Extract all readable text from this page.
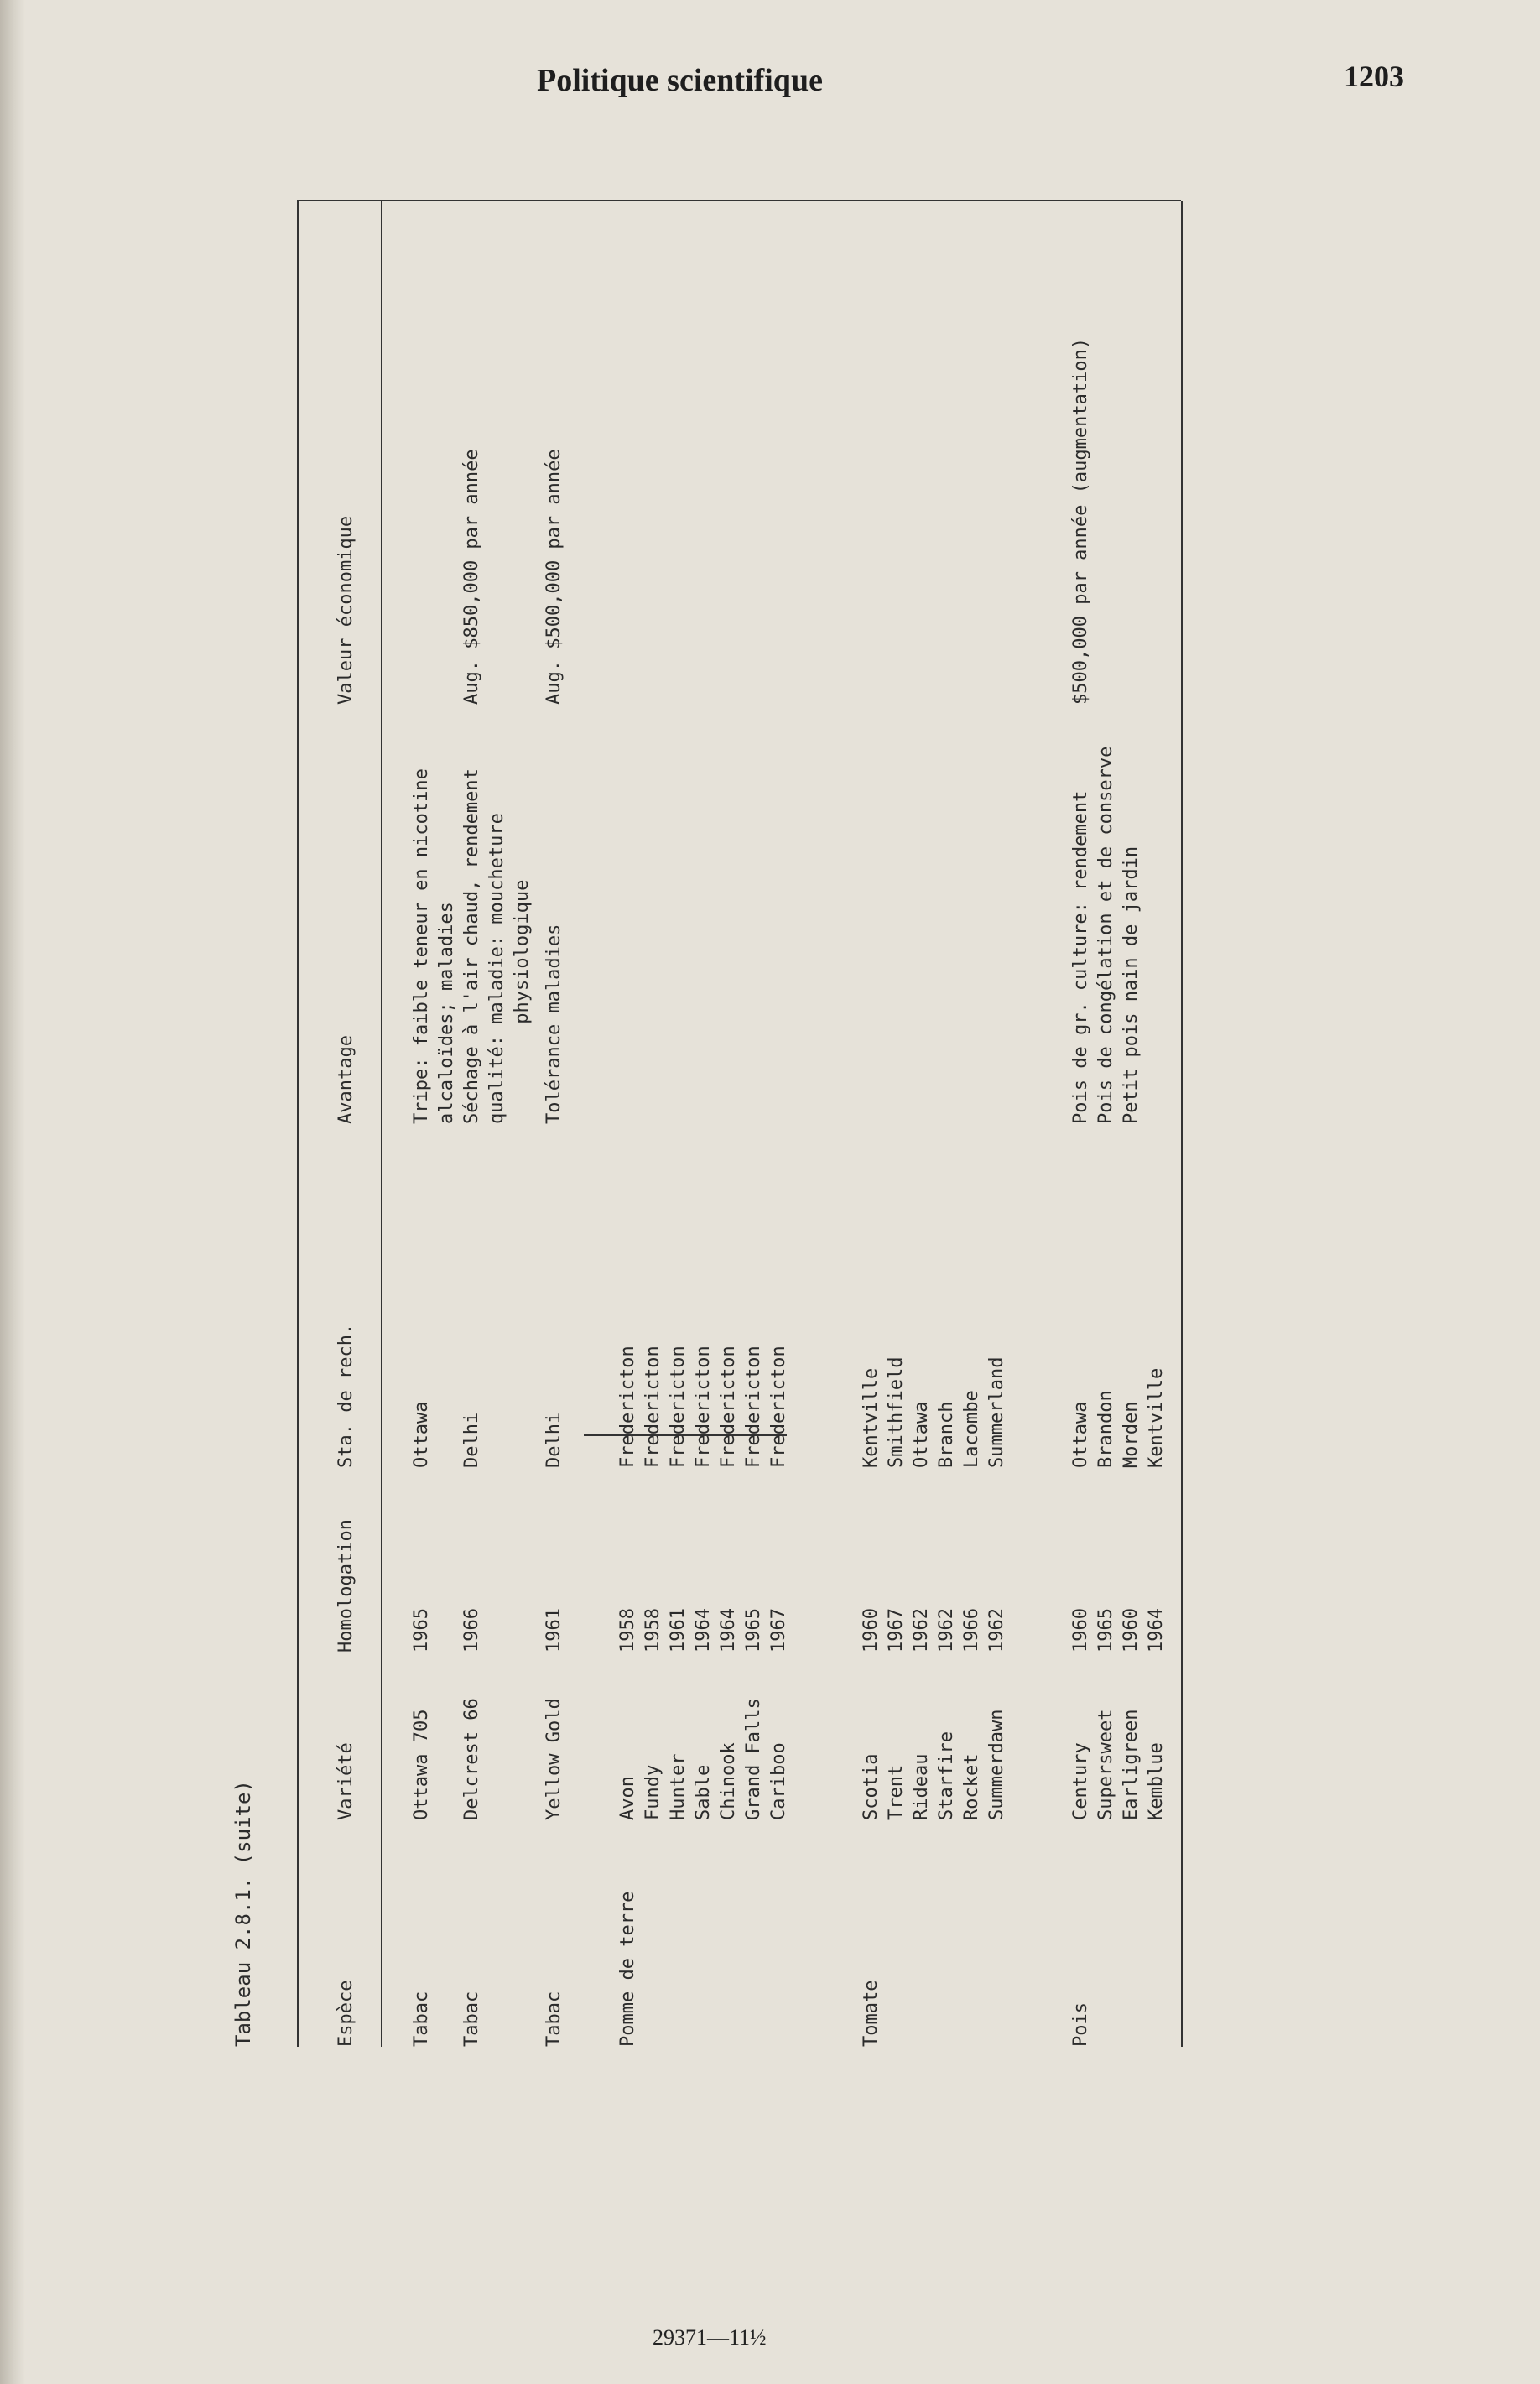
Politique scientifique	1203
Tableau 2.8.1. (suite)	Espèce
Variété
Homologation
Sta. de rech.
Avantage
Valeur économique
Tabac
Ottawa 705
1965
Ottawa
Tripe: faible teneur en nicotine
alcaloïdes; maladies
Tabac
Delcrest 66
1966
Delhi
Séchage à l'air chaud, rendement
qualité: maladie: moucheture
physiologique
Aug. $850,000 par année
Tabac
Yellow Gold
1961
Delhi
Tolérance maladies
Aug. $500,000 par année
Pomme de terre
Avon
Fundy
Hunter
Sable
Chinook
Grand Falls
Cariboo
1958
1958
1961
1964
1964
1965
1967
Fredericton
Fredericton
Fredericton
Fredericton
Fredericton
Fredericton
Fredericton
Tomate
Scotia
Trent
Rideau
Starfire
Rocket
Summerdawn
1960
1967
1962
1962
1966
1962
Kentville
Smithfield
Ottawa
Branch
Lacombe
Summerland
Pois
Century
Supersweet
Earligreen
Kemblue
1960
1965
1960
1964
Ottawa
Brandon
Morden
Kentville
Pois de gr. culture: rendement
Pois de congélation et de conserve
Petit pois nain de jardin
$500,000 par année (augmentation)
29371—11½
